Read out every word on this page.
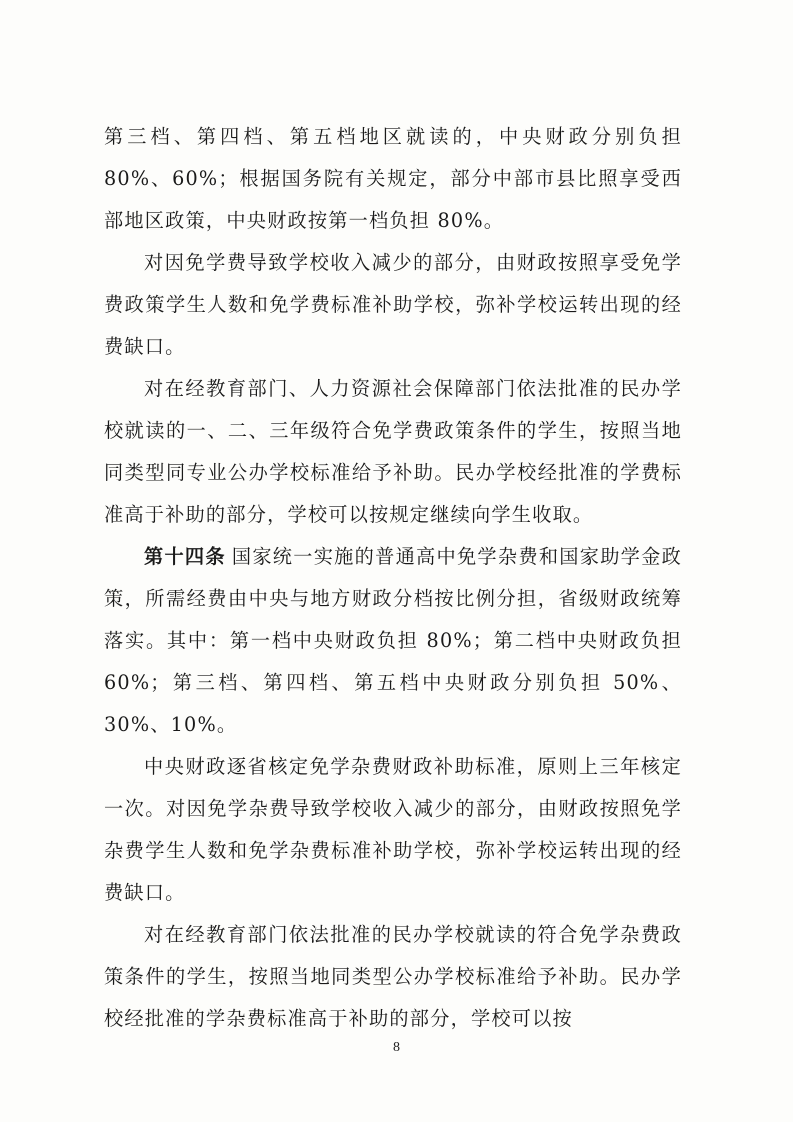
第三档、第四档、第五档地区就读的，中央财政分别负担 80%、60%；根据国务院有关规定，部分中部市县比照享受西部地区政策，中央财政按第一档负担 80%。

对因免学费导致学校收入减少的部分，由财政按照享受免学费政策学生人数和免学费标准补助学校，弥补学校运转出现的经费缺口。

对在经教育部门、人力资源社会保障部门依法批准的民办学校就读的一、二、三年级符合免学费政策条件的学生，按照当地同类型同专业公办学校标准给予补助。民办学校经批准的学费标准高于补助的部分，学校可以按规定继续向学生收取。

第十四条 国家统一实施的普通高中免学杂费和国家助学金政策，所需经费由中央与地方财政分档按比例分担，省级财政统筹落实。其中：第一档中央财政负担 80%；第二档中央财政负担 60%；第三档、第四档、第五档中央财政分别负担 50%、30%、10%。

中央财政逐省核定免学杂费财政补助标准，原则上三年核定一次。对因免学杂费导致学校收入减少的部分，由财政按照免学杂费学生人数和免学杂费标准补助学校，弥补学校运转出现的经费缺口。

对在经教育部门依法批准的民办学校就读的符合免学杂费政策条件的学生，按照当地同类型公办学校标准给予补助。民办学校经批准的学杂费标准高于补助的部分，学校可以按

8
